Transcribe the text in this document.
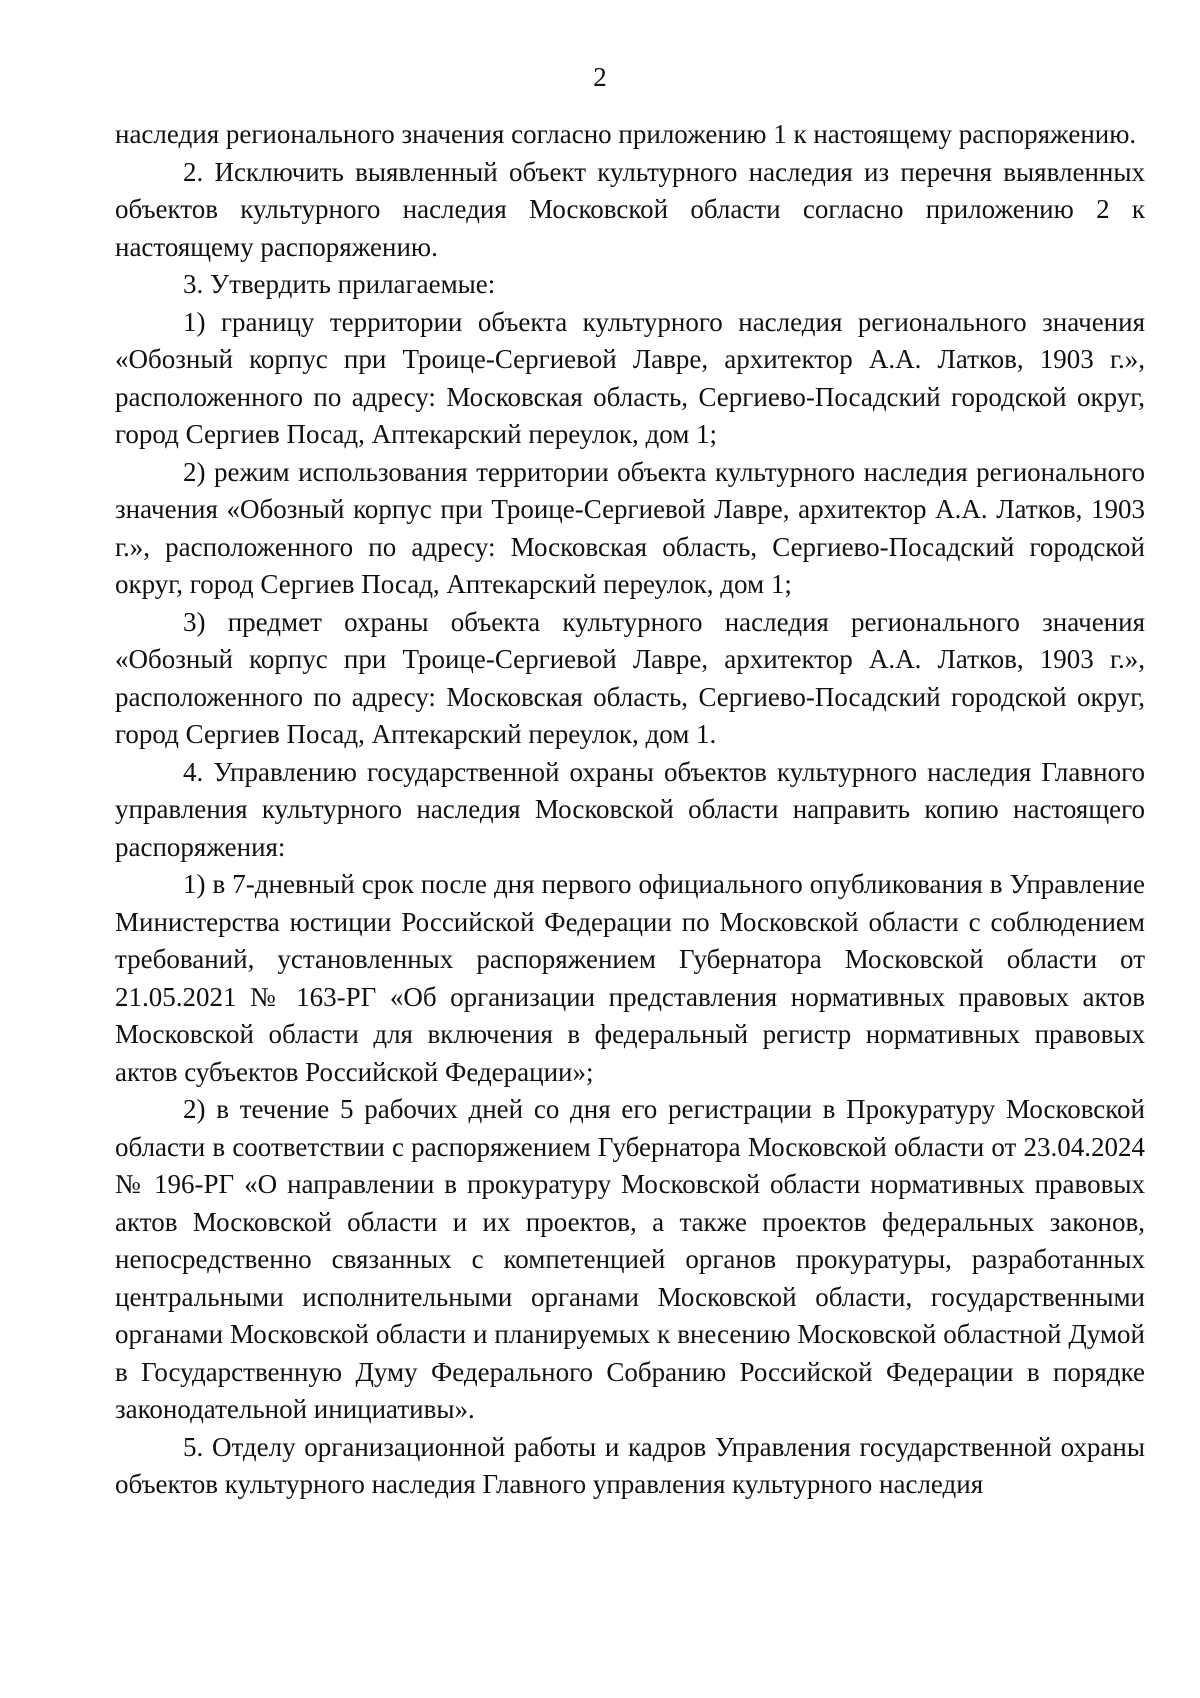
2

наследия регионального значения согласно приложению 1 к настоящему распоряжению.

2. Исключить выявленный объект культурного наследия из перечня выявленных объектов культурного наследия Московской области согласно приложению 2 к настоящему распоряжению.

3. Утвердить прилагаемые:

1) границу территории объекта культурного наследия регионального значения «Обозный корпус при Троице-Сергиевой Лавре, архитектор А.А. Латков, 1903 г.», расположенного по адресу: Московская область, Сергиево-Посадский городской округ, город Сергиев Посад, Аптекарский переулок, дом 1;

2) режим использования территории объекта культурного наследия регионального значения «Обозный корпус при Троице-Сергиевой Лавре, архитектор А.А. Латков, 1903 г.», расположенного по адресу: Московская область, Сергиево-Посадский городской округ, город Сергиев Посад, Аптекарский переулок, дом 1;

3) предмет охраны объекта культурного наследия регионального значения «Обозный корпус при Троице-Сергиевой Лавре, архитектор А.А. Латков, 1903 г.», расположенного по адресу: Московская область, Сергиево-Посадский городской округ, город Сергиев Посад, Аптекарский переулок, дом 1.

4. Управлению государственной охраны объектов культурного наследия Главного управления культурного наследия Московской области направить копию настоящего распоряжения:

1) в 7-дневный срок после дня первого официального опубликования в Управление Министерства юстиции Российской Федерации по Московской области с соблюдением требований, установленных распоряжением Губернатора Московской области от 21.05.2021 № 163-РГ «Об организации представления нормативных правовых актов Московской области для включения в федеральный регистр нормативных правовых актов субъектов Российской Федерации»;

2) в течение 5 рабочих дней со дня его регистрации в Прокуратуру Московской области в соответствии с распоряжением Губернатора Московской области от 23.04.2024 № 196-РГ «О направлении в прокуратуру Московской области нормативных правовых актов Московской области и их проектов, а также проектов федеральных законов, непосредственно связанных с компетенцией органов прокуратуры, разработанных центральными исполнительными органами Московской области, государственными органами Московской области и планируемых к внесению Московской областной Думой в Государственную Думу Федерального Собранию Российской Федерации в порядке законодательной инициативы».

5. Отделу организационной работы и кадров Управления государственной охраны объектов культурного наследия Главного управления культурного наследия
